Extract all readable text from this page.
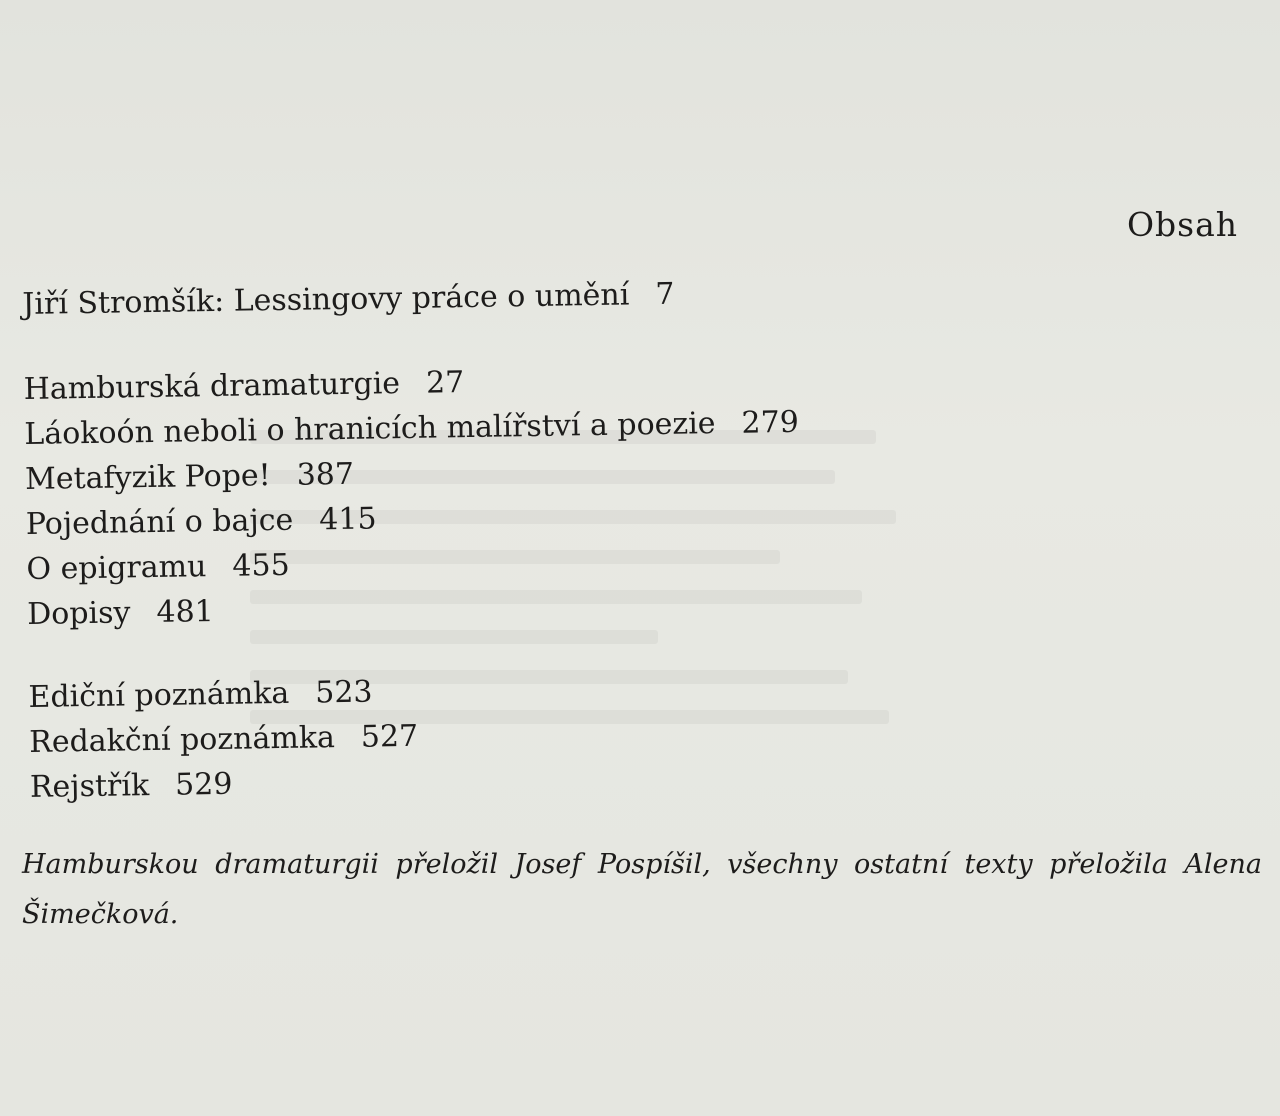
Obsah
Jiří Stromšík: Lessingovy práce o umění 7
Hamburská dramaturgie 27
Láokoón neboli o hranicích malířství a poezie 279
Metafyzik Pope! 387
Pojednání o bajce 415
O epigramu 455
Dopisy 481
Ediční poznámka 523
Redakční poznámka 527
Rejstřík 529
Hamburskou dramaturgii přeložil Josef Pospíšil, všechny ostatní texty přeložila Alena
Šimečková.
